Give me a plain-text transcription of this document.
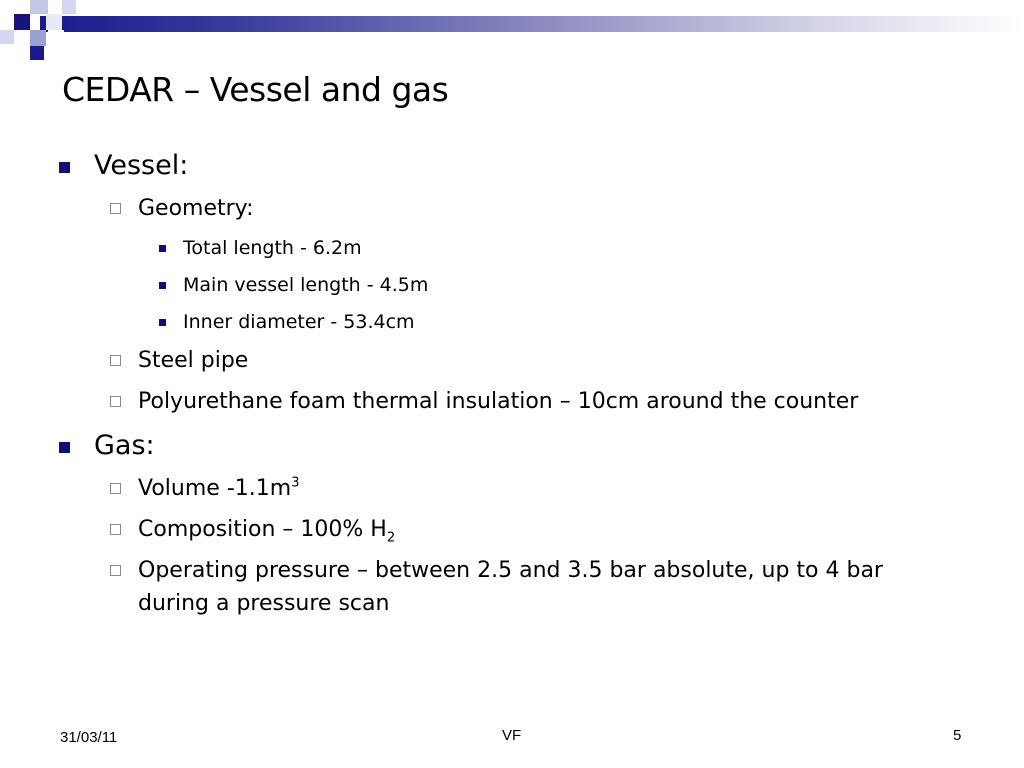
CEDAR – Vessel and gas
Vessel:
Geometry:
Total length - 6.2m
Main vessel length - 4.5m
Inner diameter - 53.4cm
Steel pipe
Polyurethane foam thermal insulation – 10cm around the counter
Gas:
Volume $-1.1m^3$
Composition – 100% $H_2$
Operating pressure – between 2.5 and 3.5 bar absolute, up to 4 bar
during a pressure scan
31/03/11	VF	5
